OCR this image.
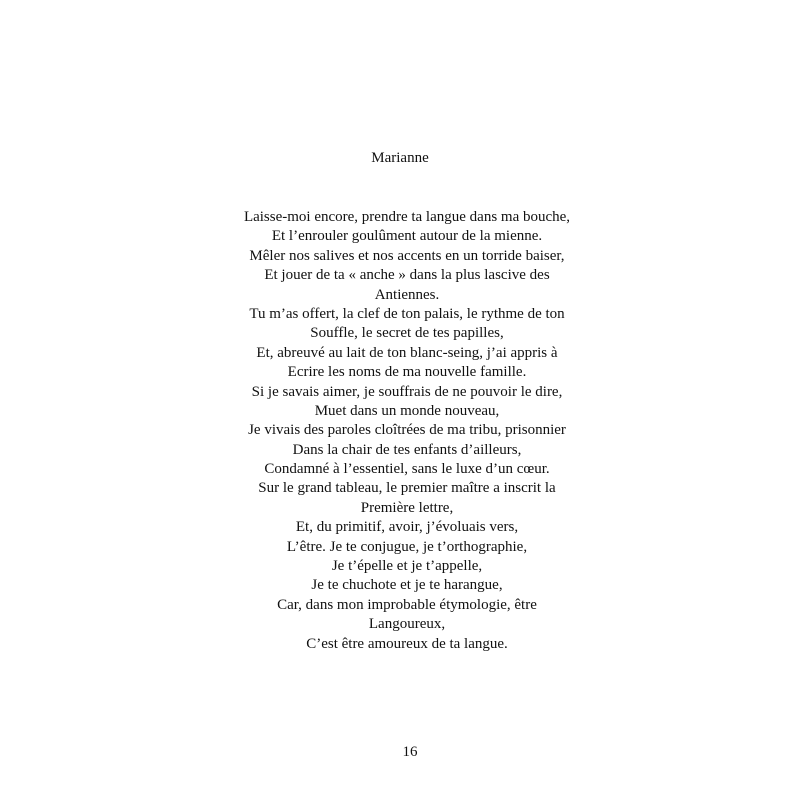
Marianne
Laisse-moi encore, prendre ta langue dans ma bouche,
Et l’enrouler goulûment autour de la mienne.
Mêler nos salives et nos accents en un torride baiser,
Et jouer de ta « anche » dans la plus lascive des
Antiennes.
Tu m’as offert, la clef de ton palais, le rythme de ton
Souffle, le secret de tes papilles,
Et, abreuvé au lait de ton blanc-seing, j’ai appris à
Ecrire les noms de ma nouvelle famille.
Si je savais aimer, je souffrais de ne pouvoir le dire,
Muet dans un monde nouveau,
Je vivais des paroles cloîtrées de ma tribu, prisonnier
Dans la chair de tes enfants d’ailleurs,
Condamné à l’essentiel, sans le luxe d’un cœur.
Sur le grand tableau, le premier maître a inscrit la
Première lettre,
Et, du primitif, avoir, j’évoluais vers,
L’être. Je te conjugue, je t’orthographie,
Je t’épelle et je t’appelle,
Je te chuchote et je te harangue,
Car, dans mon improbable étymologie, être
Langoureux,
C’est être amoureux de ta langue.
16
